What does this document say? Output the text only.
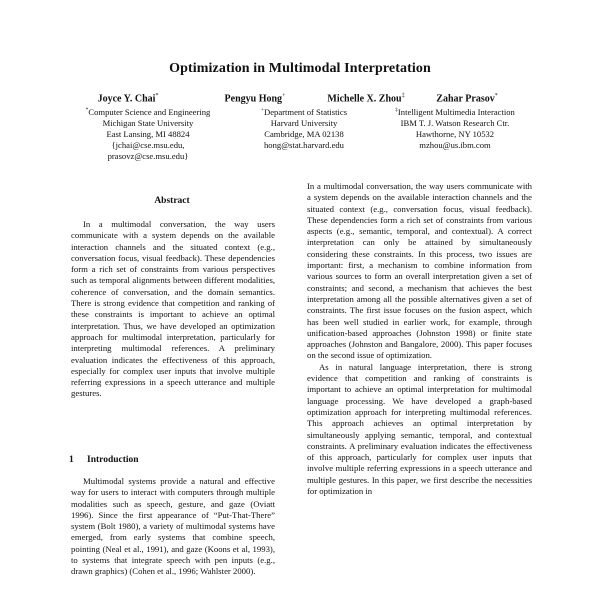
Optimization in Multimodal Interpretation
Joyce Y. Chai*	Pengyu Hong+	Michelle X. Zhou‡	Zahar Prasov*
*Computer Science and Engineering
Michigan State University
East Lansing, MI 48824
{jchai@cse.msu.edu,
prasovz@cse.msu.edu}
+Department of Statistics
Harvard University
Cambridge, MA 02138
hong@stat.harvard.edu
‡Intelligent Multimedia Interaction
IBM T. J. Watson Research Ctr.
Hawthorne, NY 10532
mzhou@us.ibm.com
Abstract

In a multimodal conversation, the way users communicate with a system depends on the available interaction channels and the situated context (e.g., conversation focus, visual feedback). These dependencies form a rich set of constraints from various perspectives such as temporal alignments between different modalities, coherence of conversation, and the domain semantics. There is strong evidence that competition and ranking of these constraints is important to achieve an optimal interpretation. Thus, we have developed an optimization approach for multimodal interpretation, particularly for interpreting multimodal references. A preliminary evaluation indicates the effectiveness of this approach, especially for complex user inputs that involve multiple referring expressions in a speech utterance and multiple gestures.

1 Introduction

Multimodal systems provide a natural and effective way for users to interact with computers through multiple modalities such as speech, gesture, and gaze (Oviatt 1996). Since the first appearance of “Put-That-There” system (Bolt 1980), a variety of multimodal systems have emerged, from early systems that combine speech, pointing (Neal et al., 1991), and gaze (Koons et al, 1993), to systems that integrate speech with pen inputs (e.g., drawn graphics) (Cohen et al., 1996; Wahlster 2000).

In a multimodal conversation, the way users communicate with a system depends on the available interaction channels and the situated context (e.g., conversation focus, visual feedback). These dependencies form a rich set of constraints from various aspects (e.g., semantic, temporal, and contextual). A correct interpretation can only be attained by simultaneously considering these constraints. In this process, two issues are important: first, a mechanism to combine information from various sources to form an overall interpretation given a set of constraints; and second, a mechanism that achieves the best interpretation among all the possible alternatives given a set of constraints. The first issue focuses on the fusion aspect, which has been well studied in earlier work, for example, through unification-based approaches (Johnston 1998) or finite state approaches (Johnston and Bangalore, 2000). This paper focuses on the second issue of optimization.

As in natural language interpretation, there is strong evidence that competition and ranking of constraints is important to achieve an optimal interpretation for multimodal language processing. We have developed a graph-based optimization approach for interpreting multimodal references. This approach achieves an optimal interpretation by simultaneously applying semantic, temporal, and contextual constraints. A preliminary evaluation indicates the effectiveness of this approach, particularly for complex user inputs that involve multiple referring expressions in a speech utterance and multiple gestures. In this paper, we first describe the necessities for optimization in
